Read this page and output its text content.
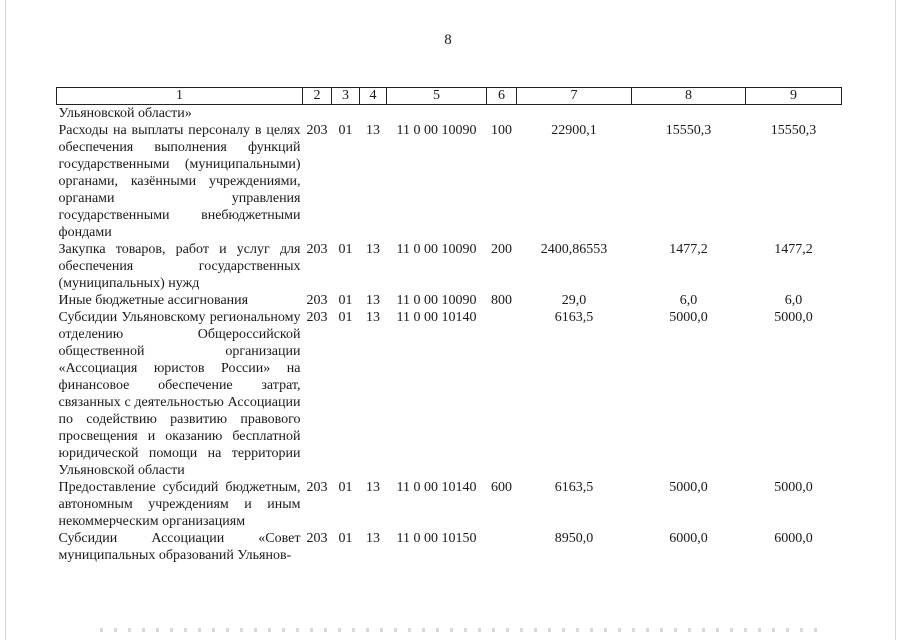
8
1	2	3	4	5	6	7	8	9
Ульяновской области»								
Расходы на выплаты персоналу в целях обеспечения выполнения функций государственными (муниципальными) органами, казёнными учреждениями, органами управления государственными внебюджетными фондами	203	01	13	11 0 00 10090	100	22900,1	15550,3	15550,3
Закупка товаров, работ и услуг для обеспечения государственных (муниципальных) нужд	203	01	13	11 0 00 10090	200	2400,86553	1477,2	1477,2
Иные бюджетные ассигнования	203	01	13	11 0 00 10090	800	29,0	6,0	6,0
Субсидии Ульяновскому региональному отделению Общероссийской общественной организации «Ассоциация юристов России» на финансовое обеспечение затрат, связанных с деятельностью Ассоциации по содействию развитию правового просвещения и оказанию бесплатной юридической помощи на территории Ульяновской области	203	01	13	11 0 00 10140		6163,5	5000,0	5000,0
Предоставление субсидий бюджетным, автономным учреждениям и иным некоммерческим организациям	203	01	13	11 0 00 10140	600	6163,5	5000,0	5000,0
Субсидии Ассоциации «Совет муниципальных образований Ульянов-	203	01	13	11 0 00 10150		8950,0	6000,0	6000,0
